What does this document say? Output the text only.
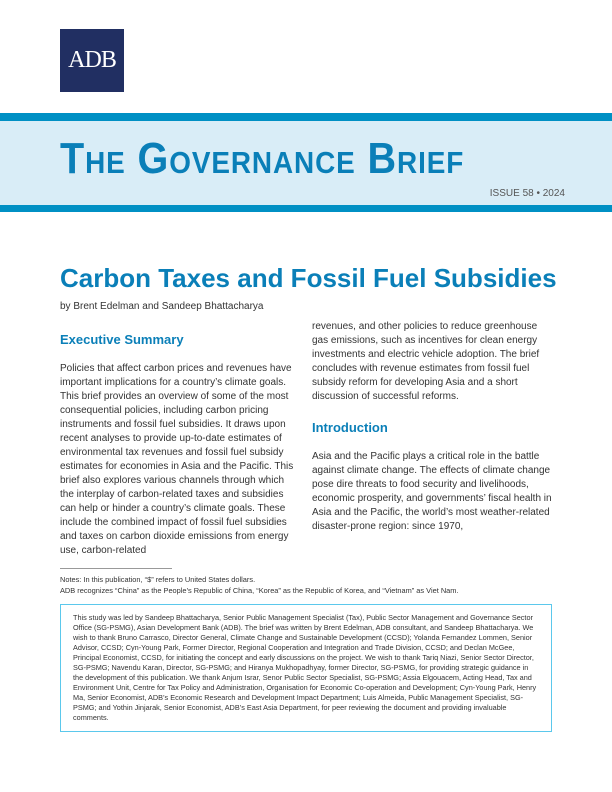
ADB
The Governance Brief
ISSUE 58 • 2024
Carbon Taxes and Fossil Fuel Subsidies
by Brent Edelman and Sandeep Bhattacharya
Executive Summary
Policies that affect carbon prices and revenues have important implications for a country’s climate goals. This brief provides an overview of some of the most consequential policies, including carbon pricing instruments and fossil fuel subsidies. It draws upon recent analyses to provide up-to-date estimates of environmental tax revenues and fossil fuel subsidy estimates for economies in Asia and the Pacific. This brief also explores various channels through which the interplay of carbon-related taxes and subsidies can help or hinder a country’s climate goals. These include the combined impact of fossil fuel subsidies and taxes on carbon dioxide emissions from energy use, carbon-related
revenues, and other policies to reduce greenhouse gas emissions, such as incentives for clean energy investments and electric vehicle adoption. The brief concludes with revenue estimates from fossil fuel subsidy reform for developing Asia and a short discussion of successful reforms.
Introduction
Asia and the Pacific plays a critical role in the battle against climate change. The effects of climate change pose dire threats to food security and livelihoods, economic prosperity, and governments’ fiscal health in Asia and the Pacific, the world’s most weather-related disaster-prone region: since 1970,
Notes: In this publication, “$” refers to United States dollars.
ADB recognizes “China” as the People’s Republic of China, “Korea” as the Republic of Korea, and “Vietnam” as Viet Nam.
This study was led by Sandeep Bhattacharya, Senior Public Management Specialist (Tax), Public Sector Management and Governance Sector Office (SG-PSMG), Asian Development Bank (ADB). The brief was written by Brent Edelman, ADB consultant, and Sandeep Bhattacharya. We wish to thank Bruno Carrasco, Director General, Climate Change and Sustainable Development (CCSD); Yolanda Fernandez Lommen, Senior Advisor, CCSD; Cyn-Young Park, Former Director, Regional Cooperation and Integration and Trade Division, CCSD; and Declan McGee, Principal Economist, CCSD, for initiating the concept and early discussions on the project. We wish to thank Tariq Niazi, Senior Sector Director, SG-PSMG; Navendu Karan, Director, SG-PSMG; and Hiranya Mukhopadhyay, former Director, SG-PSMG, for providing strategic guidance in the development of this publication. We thank Anjum Israr, Senor Public Sector Specialist, SG-PSMG; Assia Elgouacem, Acting Head, Tax and Environment Unit, Centre for Tax Policy and Administration, Organisation for Economic Co-operation and Development; Cyn-Young Park, Henry Ma, Senior Economist, ADB’s Economic Research and Development Impact Department; Luis Almeida, Public Management Specialist, SG-PSMG; and Yothin Jinjarak, Senior Economist, ADB’s East Asia Department, for peer reviewing the document and providing invaluable comments.
